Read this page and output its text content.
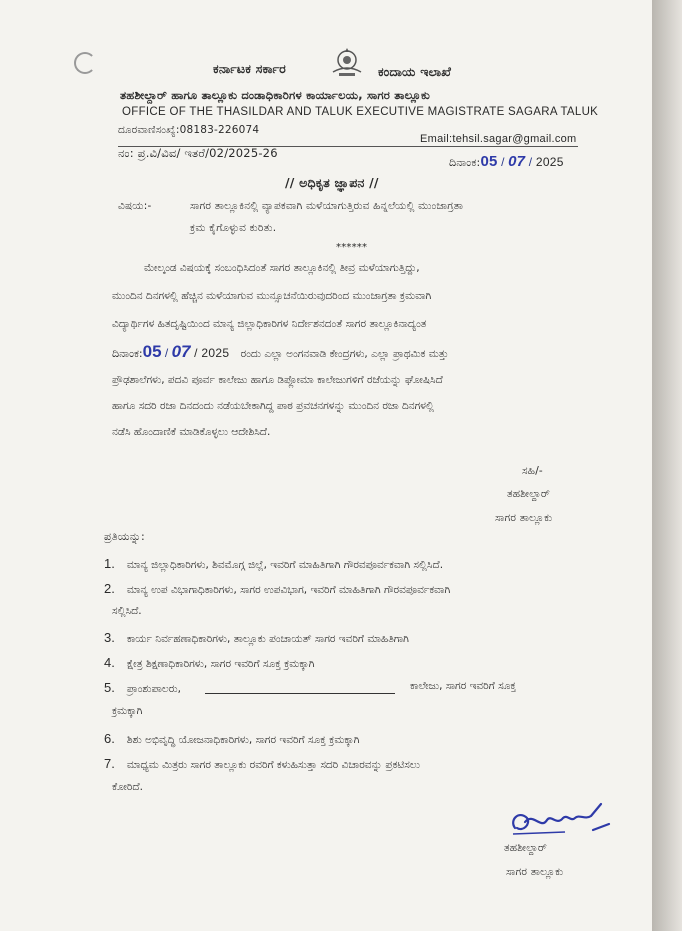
ಕರ್ನಾಟಕ ಸರ್ಕಾರ	ಕಂದಾಯ ಇಲಾಖೆ
ತಹಶೀಲ್ದಾರ್ ಹಾಗೂ ತಾಲ್ಲೂಕು ದಂಡಾಧಿಕಾರಿಗಳ ಕಾರ್ಯಾಲಯ, ಸಾಗರ ತಾಲ್ಲೂಕು
OFFICE OF THE THASILDAR AND TALUK EXECUTIVE MAGISTRATE SAGARA TALUK
ದೂರವಾಣಿಸಂಖ್ಯೆ:08183-226074
Email:tehsil.sagar@gmail.com
ನಂ: ಪ್ರ.ವಿ/ವಿವ/ ಇತರೆ/02/2025-26
ದಿನಾಂಕ:05 / 07 / 2025
// ಅಧಿಕೃತ ಜ್ಞಾಪನ //
ವಿಷಯ:-	ಸಾಗರ ತಾಲ್ಲೂಕಿನಲ್ಲಿ ವ್ಯಾಪಕವಾಗಿ ಮಳೆಯಾಗುತ್ತಿರುವ ಹಿನ್ನಲೆಯಲ್ಲಿ ಮುಂಜಾಗ್ರತಾ
ಕ್ರಮ ಕೈಗೊಳ್ಳುವ ಕುರಿತು.
******
ಮೇಲ್ಕಂಡ ವಿಷಯಕ್ಕೆ ಸಂಬಂಧಿಸಿದಂತೆ ಸಾಗರ ತಾಲ್ಲೂಕಿನಲ್ಲಿ ತೀವ್ರ ಮಳೆಯಾಗುತ್ತಿದ್ದು,
ಮುಂದಿನ ದಿನಗಳಲ್ಲಿ ಹೆಚ್ಚಿನ ಮಳೆಯಾಗುವ ಮುನ್ಸೂಚನೆಯಿರುವುದರಿಂದ ಮುಂಜಾಗ್ರತಾ ಕ್ರಮವಾಗಿ
ವಿದ್ಯಾರ್ಥಿಗಳ ಹಿತದೃಷ್ಟಿಯಿಂದ ಮಾನ್ಯ ಜಿಲ್ಲಾಧಿಕಾರಿಗಳ ನಿರ್ದೇಶನದಂತೆ ಸಾಗರ ತಾಲ್ಲೂಕಿನಾದ್ಯಂತ
ದಿನಾಂಕ:05 / 07 / 2025 ರಂದು ಎಲ್ಲಾ ಅಂಗನವಾಡಿ ಕೇಂದ್ರಗಳು, ಎಲ್ಲಾ ಪ್ರಾಥಮಿಕ ಮತ್ತು
ಪ್ರೌಢಶಾಲೆಗಳು, ಪದವಿ ಪೂರ್ವ ಕಾಲೇಜು ಹಾಗೂ ಡಿಪ್ಲೋಮಾ ಕಾಲೇಜುಗಳಿಗೆ ರಜೆಯನ್ನು ಘೋಷಿಸಿದೆ
ಹಾಗೂ ಸದರಿ ರಜಾ ದಿನದಂದು ನಡೆಯಬೇಕಾಗಿದ್ದ ಪಾಠ ಪ್ರವಚನಗಳನ್ನು ಮುಂದಿನ ರಜಾ ದಿನಗಳಲ್ಲಿ
ನಡೆಸಿ ಹೊಂದಾಣಿಕೆ ಮಾಡಿಕೊಳ್ಳಲು ಆದೇಶಿಸಿದೆ.
ಸಹಿ/-
ತಹಶೀಲ್ದಾರ್
ಸಾಗರ ತಾಲ್ಲೂಕು
ಪ್ರತಿಯನ್ನು:
1. ಮಾನ್ಯ ಜಿಲ್ಲಾಧಿಕಾರಿಗಳು, ಶಿವಮೊಗ್ಗ ಜಿಲ್ಲೆ, ಇವರಿಗೆ ಮಾಹಿತಿಗಾಗಿ ಗೌರವಪೂರ್ವಕವಾಗಿ ಸಲ್ಲಿಸಿದೆ.
2. ಮಾನ್ಯ ಉಪ ವಿಭಾಗಾಧಿಕಾರಿಗಳು, ಸಾಗರ ಉಪವಿಭಾಗ, ಇವರಿಗೆ ಮಾಹಿತಿಗಾಗಿ ಗೌರವಪೂರ್ವಕವಾಗಿ
ಸಲ್ಲಿಸಿದೆ.
3. ಕಾರ್ಯ ನಿರ್ವಹಣಾಧಿಕಾರಿಗಳು, ತಾಲ್ಲೂಕು ಪಂಚಾಯತ್ ಸಾಗರ ಇವರಿಗೆ ಮಾಹಿತಿಗಾಗಿ
4. ಕ್ಷೇತ್ರ ಶಿಕ್ಷಣಾಧಿಕಾರಿಗಳು, ಸಾಗರ ಇವರಿಗೆ ಸೂಕ್ತ ಕ್ರಮಕ್ಕಾಗಿ
5. ಪ್ರಾಂಶುಪಾಲರು,	ಕಾಲೇಜು, ಸಾಗರ ಇವರಿಗೆ ಸೂಕ್ತ
ಕ್ರಮಕ್ಕಾಗಿ
6. ಶಿಶು ಅಭಿವೃದ್ಧಿ ಯೋಜನಾಧಿಕಾರಿಗಳು, ಸಾಗರ ಇವರಿಗೆ ಸೂಕ್ತ ಕ್ರಮಕ್ಕಾಗಿ
7. ಮಾಧ್ಯಮ ಮಿತ್ರರು ಸಾಗರ ತಾಲ್ಲೂಕು ರವರಿಗೆ ಕಳುಹಿಸುತ್ತಾ ಸದರಿ ವಿಚಾರವನ್ನು ಪ್ರಕಟಿಸಲು
ಕೋರಿದೆ.
ತಹಶೀಲ್ದಾರ್
ಸಾಗರ ತಾಲ್ಲೂಕು
